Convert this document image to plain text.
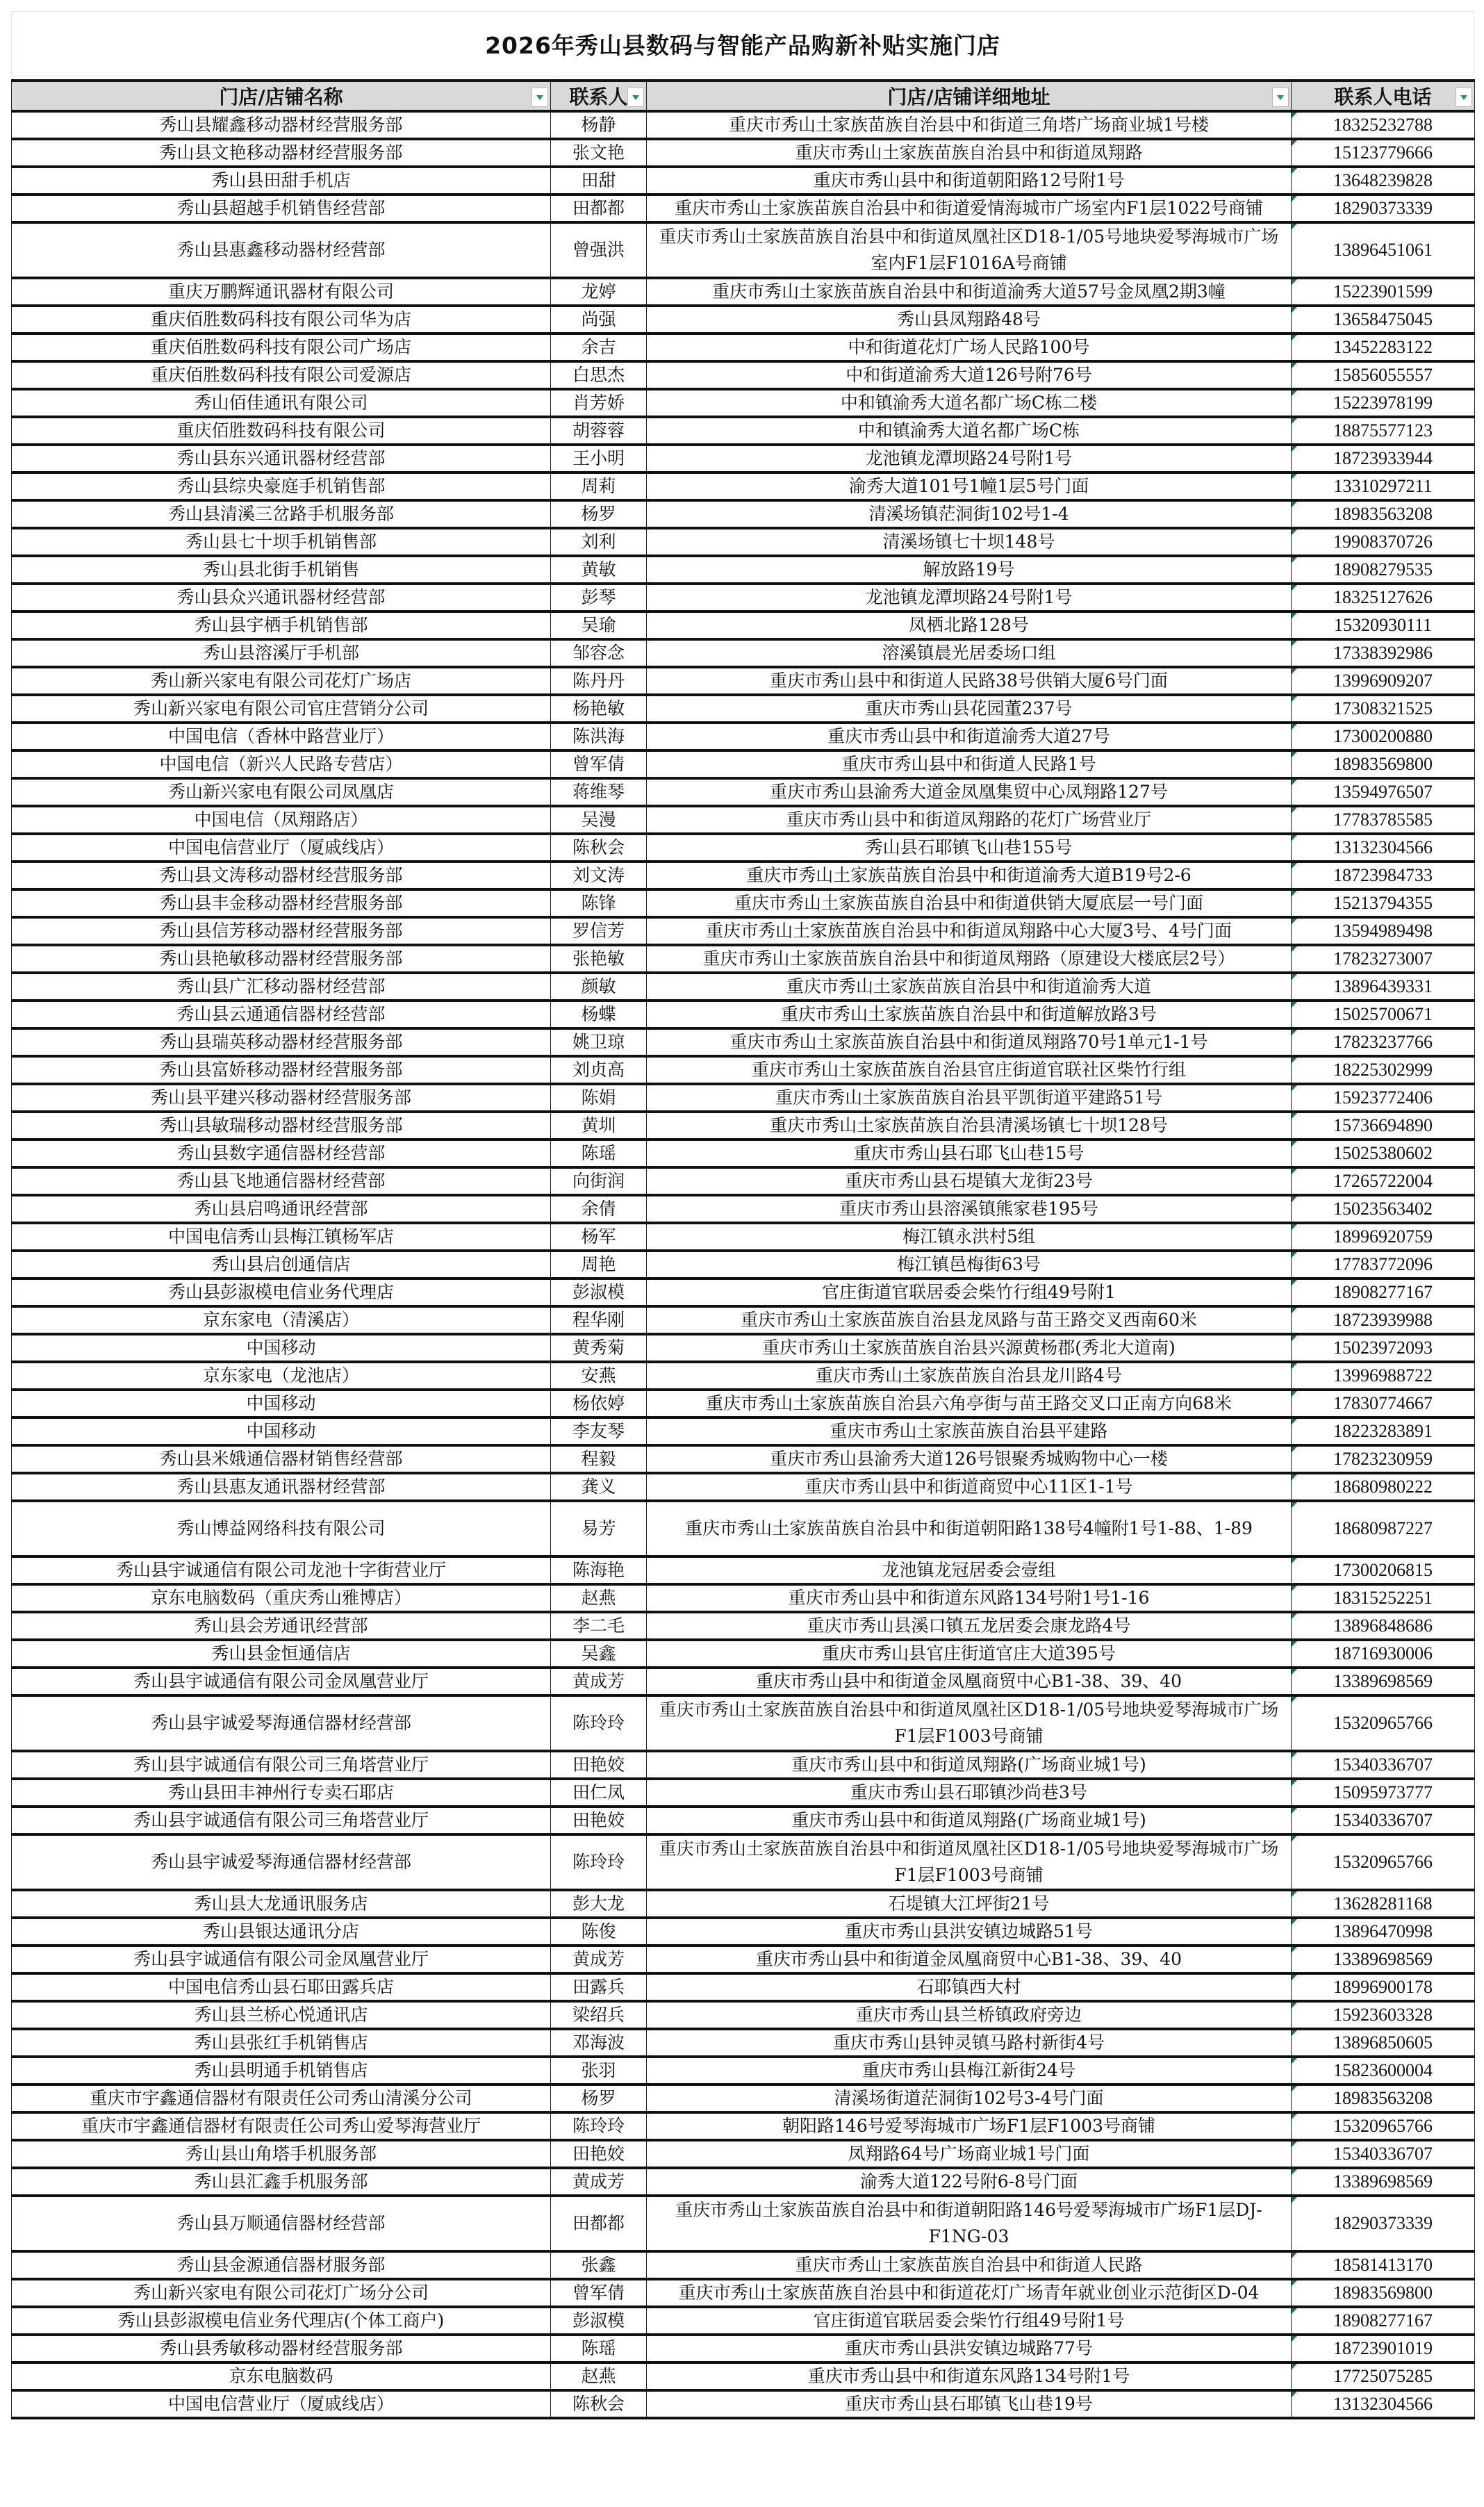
2026年秀山县数码与智能产品购新补贴实施门店
门店/店铺名称	联系人	门店/店铺详细地址	联系人电话

秀山县耀鑫移动器材经营服务部	杨静	重庆市秀山土家族苗族自治县中和街道三角塔广场商业城1号楼	18325232788
秀山县文艳移动器材经营服务部	张文艳	重庆市秀山土家族苗族自治县中和街道凤翔路	15123779666
秀山县田甜手机店	田甜	重庆市秀山县中和街道朝阳路12号附1号	13648239828
秀山县超越手机销售经营部	田都都	重庆市秀山土家族苗族自治县中和街道爱情海城市广场室内F1层1022号商铺	18290373339
秀山县惠鑫移动器材经营部	曾强洪	重庆市秀山土家族苗族自治县中和街道凤凰社区D18-1/05号地块爱琴海城市广场室内F1层F1016A号商铺	13896451061
重庆万鹏辉通讯器材有限公司	龙婷	重庆市秀山土家族苗族自治县中和街道渝秀大道57号金凤凰2期3幢	15223901599
重庆佰胜数码科技有限公司华为店	尚强	秀山县凤翔路48号	13658475045
重庆佰胜数码科技有限公司广场店	余吉	中和街道花灯广场人民路100号	13452283122
重庆佰胜数码科技有限公司爱源店	白思杰	中和街道渝秀大道126号附76号	15856055557
秀山佰佳通讯有限公司	肖芳娇	中和镇渝秀大道名都广场C栋二楼	15223978199
重庆佰胜数码科技有限公司	胡蓉蓉	中和镇渝秀大道名都广场C栋	18875577123
秀山县东兴通讯器材经营部	王小明	龙池镇龙潭坝路24号附1号	18723933944
秀山县综央豪庭手机销售部	周莉	渝秀大道101号1幢1层5号门面	13310297211
秀山县清溪三岔路手机服务部	杨罗	清溪场镇茫洞街102号1-4	18983563208
秀山县七十坝手机销售部	刘利	清溪场镇七十坝148号	19908370726
秀山县北街手机销售	黄敏	解放路19号	18908279535
秀山县众兴通讯器材经营部	彭琴	龙池镇龙潭坝路24号附1号	18325127626
秀山县宇栖手机销售部	吴瑜	凤栖北路128号	15320930111
秀山县溶溪厅手机部	邹容念	溶溪镇晨光居委场口组	17338392986
秀山新兴家电有限公司花灯广场店	陈丹丹	重庆市秀山县中和街道人民路38号供销大厦6号门面	13996909207
秀山新兴家电有限公司官庄营销分公司	杨艳敏	重庆市秀山县花园董237号	17308321525
中国电信（香林中路营业厅）	陈洪海	重庆市秀山县中和街道渝秀大道27号	17300200880
中国电信（新兴人民路专营店）	曾军倩	重庆市秀山县中和街道人民路1号	18983569800
秀山新兴家电有限公司凤凰店	蒋维琴	重庆市秀山县渝秀大道金凤凰集贸中心凤翔路127号	13594976507
中国电信（凤翔路店）	吴漫	重庆市秀山县中和街道凤翔路的花灯广场营业厅	17783785585
中国电信营业厅（厦戚线店）	陈秋会	秀山县石耶镇飞山巷155号	13132304566
秀山县文涛移动器材经营服务部	刘文涛	重庆市秀山土家族苗族自治县中和街道渝秀大道B19号2-6	18723984733
秀山县丰金移动器材经营服务部	陈锋	重庆市秀山土家族苗族自治县中和街道供销大厦底层一号门面	15213794355
秀山县信芳移动器材经营服务部	罗信芳	重庆市秀山土家族苗族自治县中和街道凤翔路中心大厦3号、4号门面	13594989498
秀山县艳敏移动器材经营服务部	张艳敏	重庆市秀山土家族苗族自治县中和街道凤翔路（原建设大楼底层2号）	17823273007
秀山县广汇移动器材经营部	颜敏	重庆市秀山土家族苗族自治县中和街道渝秀大道	13896439331
秀山县云通通信器材经营部	杨蝶	重庆市秀山土家族苗族自治县中和街道解放路3号	15025700671
秀山县瑞英移动器材经营服务部	姚卫琼	重庆市秀山土家族苗族自治县中和街道凤翔路70号1单元1-1号	17823237766
秀山县富娇移动器材经营服务部	刘贞高	重庆市秀山土家族苗族自治县官庄街道官联社区柴竹行组	18225302999
秀山县平建兴移动器材经营服务部	陈娟	重庆市秀山土家族苗族自治县平凯街道平建路51号	15923772406
秀山县敏瑞移动器材经营服务部	黄圳	重庆市秀山土家族苗族自治县清溪场镇七十坝128号	15736694890
秀山县数字通信器材经营部	陈瑶	重庆市秀山县石耶飞山巷15号	15025380602
秀山县飞地通信器材经营部	向街润	重庆市秀山县石堤镇大龙街23号	17265722004
秀山县启鸣通讯经营部	余倩	重庆市秀山县溶溪镇熊家巷195号	15023563402
中国电信秀山县梅江镇杨军店	杨军	梅江镇永洪村5组	18996920759
秀山县启创通信店	周艳	梅江镇邑梅街63号	17783772096
秀山县彭淑模电信业务代理店	彭淑模	官庄街道官联居委会柴竹行组49号附1	18908277167
京东家电（清溪店）	程华刚	重庆市秀山土家族苗族自治县龙凤路与苗王路交叉西南60米	18723939988
中国移动	黄秀菊	重庆市秀山土家族苗族自治县兴源黄杨郡(秀北大道南)	15023972093
京东家电（龙池店）	安燕	重庆市秀山土家族苗族自治县龙川路4号	13996988722
中国移动	杨依婷	重庆市秀山土家族苗族自治县六角亭街与苗王路交叉口正南方向68米	17830774667
中国移动	李友琴	重庆市秀山土家族苗族自治县平建路	18223283891
秀山县米娥通信器材销售经营部	程毅	重庆市秀山县渝秀大道126号银聚秀城购物中心一楼	17823230959
秀山县惠友通讯器材经营部	龚义	重庆市秀山县中和街道商贸中心11区1-1号	18680980222
秀山博益网络科技有限公司	易芳	重庆市秀山土家族苗族自治县中和街道朝阳路138号4幢附1号1-88、1-89	18680987227
秀山县宇诚通信有限公司龙池十字街营业厅	陈海艳	龙池镇龙冠居委会壹组	17300206815
京东电脑数码（重庆秀山雅博店）	赵燕	重庆市秀山县中和街道东风路134号附1号1-16	18315252251
秀山县会芳通讯经营部	李二毛	重庆市秀山县溪口镇五龙居委会康龙路4号	13896848686
秀山县金恒通信店	吴鑫	重庆市秀山县官庄街道官庄大道395号	18716930006
秀山县宇诚通信有限公司金凤凰营业厅	黄成芳	重庆市秀山县中和街道金凤凰商贸中心B1-38、39、40	13389698569
秀山县宇诚爱琴海通信器材经营部	陈玲玲	重庆市秀山土家族苗族自治县中和街道凤凰社区D18-1/05号地块爱琴海城市广场F1层F1003号商铺	15320965766
秀山县宇诚通信有限公司三角塔营业厅	田艳姣	重庆市秀山县中和街道凤翔路(广场商业城1号)	15340336707
秀山县田丰神州行专卖石耶店	田仁凤	重庆市秀山县石耶镇沙尚巷3号	15095973777
秀山县宇诚通信有限公司三角塔营业厅	田艳姣	重庆市秀山县中和街道凤翔路(广场商业城1号)	15340336707
秀山县宇诚爱琴海通信器材经营部	陈玲玲	重庆市秀山土家族苗族自治县中和街道凤凰社区D18-1/05号地块爱琴海城市广场F1层F1003号商铺	15320965766
秀山县大龙通讯服务店	彭大龙	石堤镇大江坪街21号	13628281168
秀山县银达通讯分店	陈俊	重庆市秀山县洪安镇边城路51号	13896470998
秀山县宇诚通信有限公司金凤凰营业厅	黄成芳	重庆市秀山县中和街道金凤凰商贸中心B1-38、39、40	13389698569
中国电信秀山县石耶田露兵店	田露兵	石耶镇西大村	18996900178
秀山县兰桥心悦通讯店	梁绍兵	重庆市秀山县兰桥镇政府旁边	15923603328
秀山县张红手机销售店	邓海波	重庆市秀山县钟灵镇马路村新街4号	13896850605
秀山县明通手机销售店	张羽	重庆市秀山县梅江新街24号	15823600004
重庆市宇鑫通信器材有限责任公司秀山清溪分公司	杨罗	清溪场街道茫洞街102号3-4号门面	18983563208
重庆市宇鑫通信器材有限责任公司秀山爱琴海营业厅	陈玲玲	朝阳路146号爱琴海城市广场F1层F1003号商铺	15320965766
秀山县山角塔手机服务部	田艳姣	凤翔路64号广场商业城1号门面	15340336707
秀山县汇鑫手机服务部	黄成芳	渝秀大道122号附6-8号门面	13389698569
秀山县万顺通信器材经营部	田都都	重庆市秀山土家族苗族自治县中和街道朝阳路146号爱琴海城市广场F1层DJ-F1NG-03	18290373339
秀山县金源通信器材服务部	张鑫	重庆市秀山土家族苗族自治县中和街道人民路	18581413170
秀山新兴家电有限公司花灯广场分公司	曾军倩	重庆市秀山土家族苗族自治县中和街道花灯广场青年就业创业示范街区D-04	18983569800
秀山县彭淑模电信业务代理店(个体工商户)	彭淑模	官庄街道官联居委会柴竹行组49号附1号	18908277167
秀山县秀敏移动器材经营服务部	陈瑶	重庆市秀山县洪安镇边城路77号	18723901019
京东电脑数码	赵燕	重庆市秀山县中和街道东风路134号附1号	17725075285
中国电信营业厅（厦戚线店）	陈秋会	重庆市秀山县石耶镇飞山巷19号	13132304566
